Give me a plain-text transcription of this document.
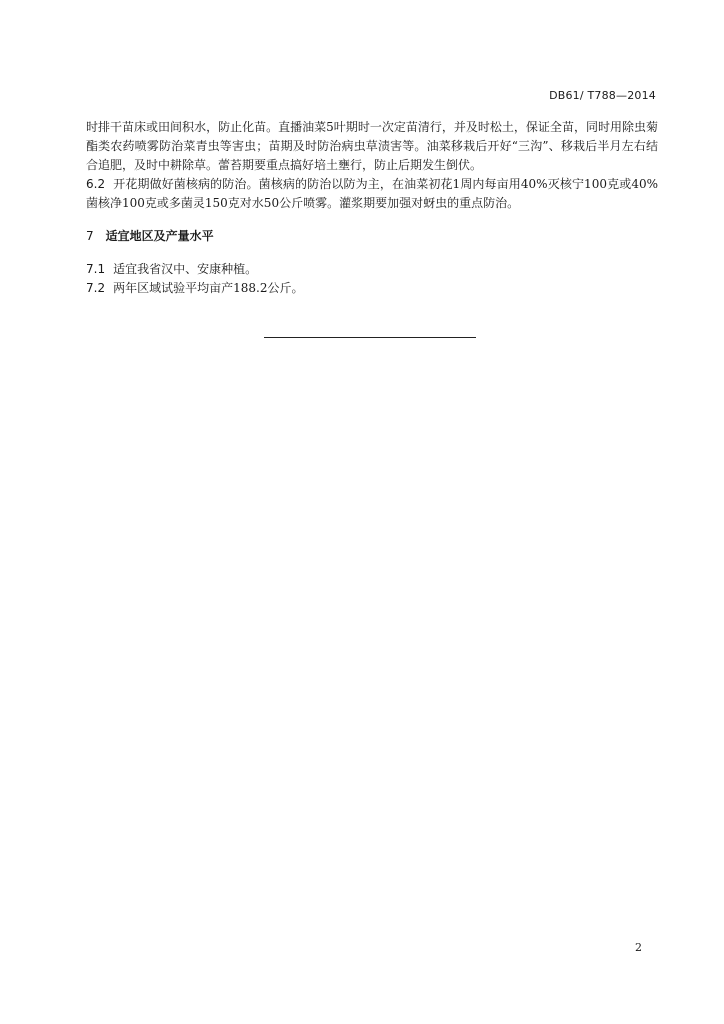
DB61/ T788—2014

时排干苗床或田间积水，防止化苗。直播油菜5叶期时一次定苗清行，并及时松土，保证全苗，同时用除虫菊酯类农药喷雾防治菜青虫等害虫；苗期及时防治病虫草渍害等。油菜移栽后开好“三沟”、移栽后半月左右结合追肥，及时中耕除草。蕾苔期要重点搞好培土壅行，防止后期发生倒伏。

6.2 开花期做好菌核病的防治。菌核病的防治以防为主，在油菜初花1周内每亩用40%灭核宁100克或40%菌核净100克或多菌灵150克对水50公斤喷雾。灌浆期要加强对蚜虫的重点防治。

7 适宜地区及产量水平

7.1 适宜我省汉中、安康种植。

7.2 两年区域试验平均亩产188.2公斤。

2
